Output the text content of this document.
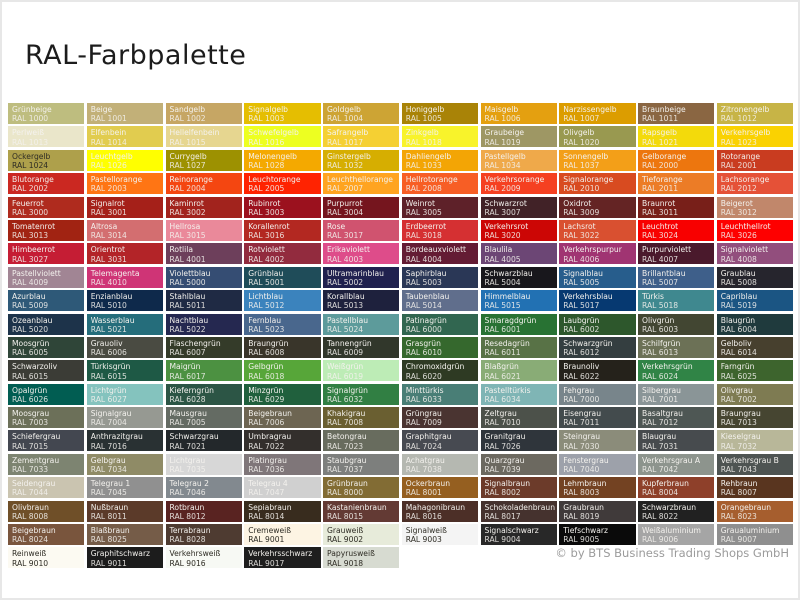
RAL-Farbpalette
Grünbeige
RAL 1000
Beige
RAL 1001
Sandgelb
RAL 1002
Signalgelb
RAL 1003
Goldgelb
RAL 1004
Honiggelb
RAL 1005
Maisgelb
RAL 1006
Narzissengelb
RAL 1007
Braunbeige
RAL 1011
Zitronengelb
RAL 1012
Perlweiß
RAL 1013
Elfenbein
RAL 1014
Hellelfenbein
RAL 1015
Schwefelgelb
RAL 1016
Safrangelb
RAL 1017
Zinkgelb
RAL 1018
Graubeige
RAL 1019
Olivgelb
RAL 1020
Rapsgelb
RAL 1021
Verkehrsgelb
RAL 1023
Ockergelb
RAL 1024
Leuchtgelb
RAL 1026
Currygelb
RAL 1027
Melonengelb
RAL 1028
Ginstergelb
RAL 1032
Dahliengelb
RAL 1033
Pastellgelb
RAL 1034
Sonnengelb
RAL 1037
Gelborange
RAL 2000
Rotorange
RAL 2001
Blutorange
RAL 2002
Pastellorange
RAL 2003
Reinorange
RAL 2004
Leuchtorange
RAL 2005
Leuchthellorange
RAL 2007
Hellrotorange
RAL 2008
Verkehrsorange
RAL 2009
Signalorange
RAL 2010
Tieforange
RAL 2011
Lachsorange
RAL 2012
Feuerrot
RAL 3000
Signalrot
RAL 3001
Kaminrot
RAL 3002
Rubinrot
RAL 3003
Purpurrot
RAL 3004
Weinrot
RAL 3005
Schwarzrot
RAL 3007
Oxidrot
RAL 3009
Braunrot
RAL 3011
Beigerot
RAL 3012
Tomatenrot
RAL 3013
Altrosa
RAL 3014
Hellrosa
RAL 3015
Korallenrot
RAL 3016
Rose
RAL 3017
Erdbeerrot
RAL 3018
Verkehrsrot
RAL 3020
Lachsrot
RAL 3022
Leuchtrot
RAL 3024
Leuchthellrot
RAL 3026
Himbeerrot
RAL 3027
Orientrot
RAL 3031
Rotlila
RAL 4001
Rotviolett
RAL 4002
Erikaviolett
RAL 4003
Bordeauxviolett
RAL 4004
Blaulila
RAL 4005
Verkehrspurpur
RAL 4006
Purpurviolett
RAL 4007
Signalviolett
RAL 4008
Pastellviolett
RAL 4009
Telemagenta
RAL 4010
Violettblau
RAL 5000
Grünblau
RAL 5001
Ultramarinblau
RAL 5002
Saphirblau
RAL 5003
Schwarzblau
RAL 5004
Signalblau
RAL 5005
Brillantblau
RAL 5007
Graublau
RAL 5008
Azurblau
RAL 5009
Enzianblau
RAL 5010
Stahlblau
RAL 5011
Lichtblau
RAL 5012
Korallblau
RAL 5013
Taubenblau
RAL 5014
Himmelblau
RAL 5015
Verkehrsblau
RAL 5017
Türkis
RAL 5018
Capriblau
RAL 5019
Ozeanblau
RAL 5020
Wasserblau
RAL 5021
Nachtblau
RAL 5022
Fernblau
RAL 5023
Pastellblau
RAL 5024
Patinagrün
RAL 6000
Smaragdgrün
RAL 6001
Laubgrün
RAL 6002
Olivgrün
RAL 6003
Blaugrün
RAL 6004
Moosgrün
RAL 6005
Grauoliv
RAL 6006
Flaschengrün
RAL 6007
Braungrün
RAL 6008
Tannengrün
RAL 6009
Grasgrün
RAL 6010
Resedagrün
RAL 6011
Schwarzgrün
RAL 6012
Schilfgrün
RAL 6013
Gelboliv
RAL 6014
Schwarzoliv
RAL 6015
Türkisgrün
RAL 6015
Maigrün
RAL 6017
Gelbgrün
RAL 6018
Weißgrün
RAL 6019
Chromoxidgrün
RAL 6020
Blaßgrün
RAL 6021
Braunoliv
RAL 6022
Verkehrsgrün
RAL 6024
Farngrün
RAL 6025
Opalgrün
RAL 6026
Lichtgrün
RAL 6027
Kieferngrün
RAL 6028
Minzgrün
RAL 6029
Signalgrün
RAL 6032
Minttürkis
RAL 6033
Pastelltürkis
RAL 6034
Fehgrau
RAL 7000
Silbergrau
RAL 7001
Olivgrau
RAL 7002
Moosgrau
RAL 7003
Signalgrau
RAL 7004
Mausgrau
RAL 7005
Beigebraun
RAL 7006
Khakigrau
RAL 7008
Grüngrau
RAL 7009
Zeltgrau
RAL 7010
Eisengrau
RAL 7011
Basaltgrau
RAL 7012
Braungrau
RAL 7013
Schiefergrau
RAL 7015
Anthrazitgrau
RAL 7016
Schwarzgrau
RAL 7021
Umbragrau
RAL 7022
Betongrau
RAL 7023
Graphitgrau
RAL 7024
Granitgrau
RAL 7026
Steingrau
RAL 7030
Blaugrau
RAL 7031
Kieselgrau
RAL 7032
Zementgrau
RAL 7033
Gelbgrau
RAL 7034
Lichtgrau
RAL 7035
Platingrau
RAL 7036
Staubgrau
RAL 7037
Achatgrau
RAL 7038
Quarzgrau
RAL 7039
Fenstergrau
RAL 7040
Verkehrsgrau A
RAL 7042
Verkehrsgrau B
RAL 7043
Seidengrau
RAL 7044
Telegrau 1
RAL 7045
Telegrau 2
RAL 7046
Telegrau 4
RAL 7047
Grünbraun
RAL 8000
Ockerbraun
RAL 8001
Signalbraun
RAL 8002
Lehmbraun
RAL 8003
Kupferbraun
RAL 8004
Rehbraun
RAL 8007
Olivbraun
RAL 8008
Nußbraun
RAL 8011
Rotbraun
RAL 8012
Sepiabraun
RAL 8014
Kastanienbraun
RAL 8015
Mahagonibraun
RAL 8016
Schokoladenbraun
RAL 8017
Graubraun
RAL 8019
Schwarzbraun
RAL 8022
Orangebraun
RAL 8023
Beigebraun
RAL 8024
Blaßbraun
RAL 8025
Terrabraun
RAL 8028
Cremeweiß
RAL 9001
Grauweiß
RAL 9002
Signalweiß
RAL 9003
Signalschwarz
RAL 9004
Tiefschwarz
RAL 9005
Weißaluminium
RAL 9006
Graualuminium
RAL 9007
Reinweiß
RAL 9010
Graphitschwarz
RAL 9011
Verkehrsweiß
RAL 9016
Verkehrsschwarz
RAL 9017
Papyrusweiß
RAL 9018
© by BTS Business Trading Shops GmbH
